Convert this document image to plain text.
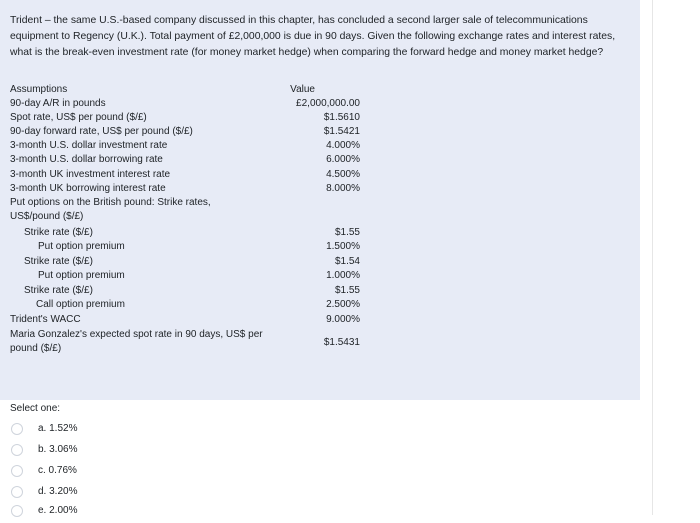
Trident – the same U.S.-based company discussed in this chapter, has concluded a second larger sale of telecommunications equipment to Regency (U.K.). Total payment of £2,000,000 is due in 90 days. Given the following exchange rates and interest rates, what is the break-even investment rate (for money market hedge) when comparing the forward hedge and money market hedge?
Assumptions	Value
90-day A/R in pounds	£2,000,000.00
Spot rate, US$ per pound ($/£)	$1.5610
90-day forward rate, US$ per pound ($/£)	$1.5421
3-month U.S. dollar investment rate	4.000%
3-month U.S. dollar borrowing rate	6.000%
3-month UK investment interest rate	4.500%
3-month UK borrowing interest rate	8.000%
Put options on the British pound: Strike rates,
US$/pound ($/£)
Strike rate ($/£)	$1.55
Put option premium	1.500%
Strike rate ($/£)	$1.54
Put option premium	1.000%
Strike rate ($/£)	$1.55
Call option premium	2.500%
Trident's WACC	9.000%
Maria Gonzalez's expected spot rate in 90 days, US$ per pound ($/£)
$1.5431
Select one:
a. 1.52%
b. 3.06%
c. 0.76%
d. 3.20%
e. 2.00%
